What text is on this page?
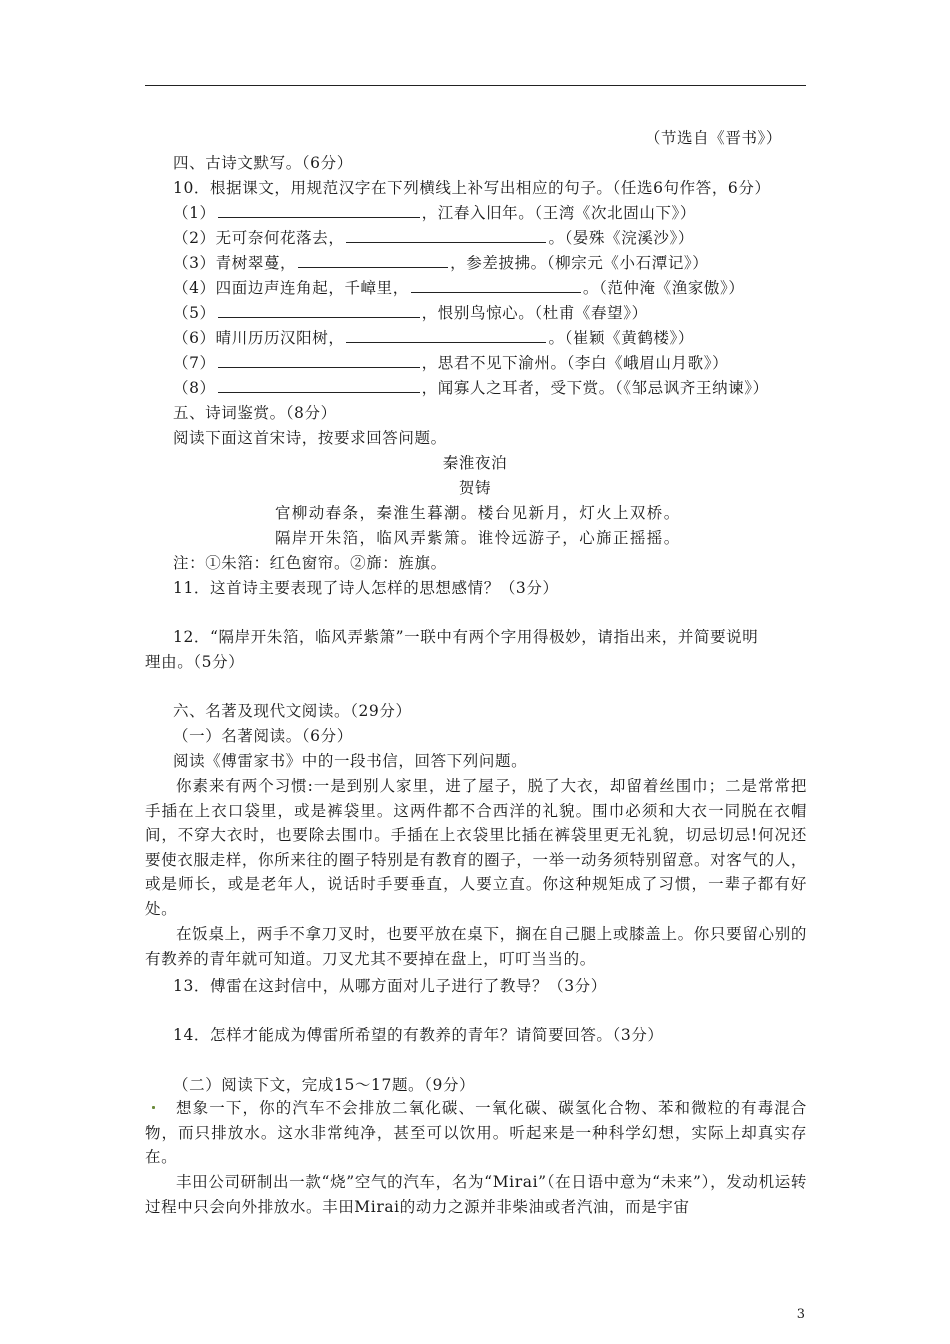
（节选自《晋书》）
四、古诗文默写。（6分）
10．根据课文，用规范汉字在下列横线上补写出相应的句子。（任选6句作答，6分）
（1）	，江春入旧年。（王湾《次北固山下》）
（2）无可奈何花落去，	。（晏殊《浣溪沙》）
（3）青树翠蔓，	，参差披拂。（柳宗元《小石潭记》）
（4）四面边声连角起，千嶂里，	。（范仲淹《渔家傲》）
（5）	，恨别鸟惊心。（杜甫《春望》）
（6）晴川历历汉阳树，	。（崔颖《黄鹤楼》）
（7）	，思君不见下渝州。（李白《峨眉山月歌》）
（8）	，闻寡人之耳者，受下赏。（《邹忌讽齐王纳谏》）
五、诗词鉴赏。（8分）
阅读下面这首宋诗，按要求回答问题。
秦淮夜泊
贺铸
官柳动春条，秦淮生暮潮。楼台见新月，灯火上双桥。
隔岸开朱箔，临风弄紫箫。谁怜远游子，心旆正摇摇。
注：①朱箔：红色窗帘。②旆：旌旗。
11．这首诗主要表现了诗人怎样的思想感情？（3分）
12．“隔岸开朱箔，临风弄紫箫”一联中有两个字用得极妙，请指出来，并简要说明
理由。（5分）
六、名著及现代文阅读。（29分）
（一）名著阅读。（6分）
阅读《傅雷家书》中的一段书信，回答下列问题。
你素来有两个习惯:一是到别人家里，进了屋子，脱了大衣，却留着丝围巾；二是常常把手插在上衣口袋里，或是裤袋里。这两件都不合西洋的礼貌。围巾必须和大衣一同脱在衣帽间，不穿大衣时，也要除去围巾。手插在上衣袋里比插在裤袋里更无礼貌，切忌切忌!何况还要使衣服走样，你所来往的圈子特别是有教育的圈子，一举一动务须特别留意。对客气的人，或是师长，或是老年人，说话时手要垂直，人要立直。你这种规矩成了习惯，一辈子都有好处。
在饭桌上，两手不拿刀叉时，也要平放在桌下，搁在自己腿上或膝盖上。你只要留心别的有教养的青年就可知道。刀叉尤其不要掉在盘上，叮叮当当的。
13．傅雷在这封信中，从哪方面对儿子进行了教导？（3分）
14．怎样才能成为傅雷所希望的有教养的青年？请简要回答。（3分）
（二）阅读下文，完成15～17题。（9分）
想象一下，你的汽车不会排放二氧化碳、一氧化碳、碳氢化合物、苯和微粒的有毒混合物，而只排放水。这水非常纯净，甚至可以饮用。听起来是一种科学幻想，实际上却真实存在。
丰田公司研制出一款“烧”空气的汽车，名为“Mirai”（在日语中意为“未来”），发动机运转过程中只会向外排放水。丰田Mirai的动力之源并非柴油或者汽油，而是宇宙
3
